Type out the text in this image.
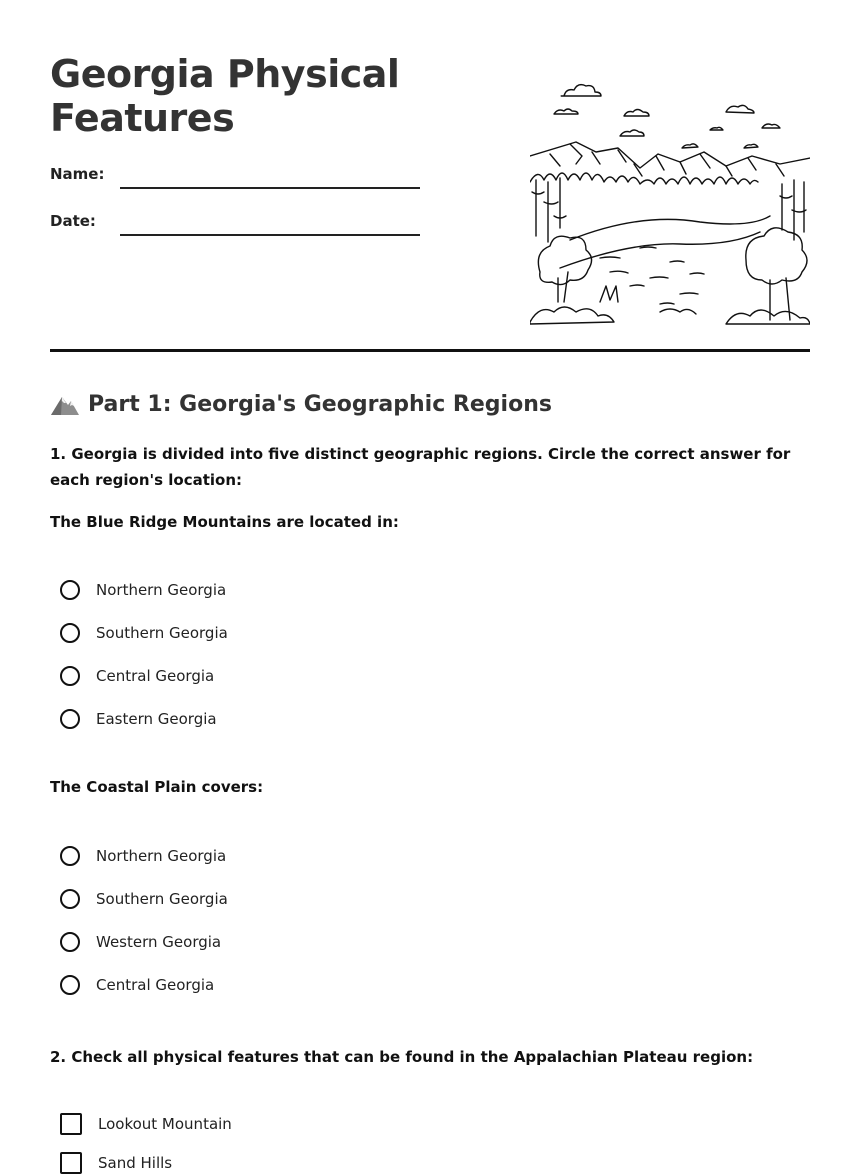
Georgia Physical Features
Name:
Date:
Part 1: Georgia's Geographic Regions
1. Georgia is divided into five distinct geographic regions. Circle the correct answer for each region's location:
The Blue Ridge Mountains are located in:
Northern Georgia
Southern Georgia
Central Georgia
Eastern Georgia
The Coastal Plain covers:
Northern Georgia
Southern Georgia
Western Georgia
Central Georgia
2. Check all physical features that can be found in the Appalachian Plateau region:
Lookout Mountain
Sand Hills
